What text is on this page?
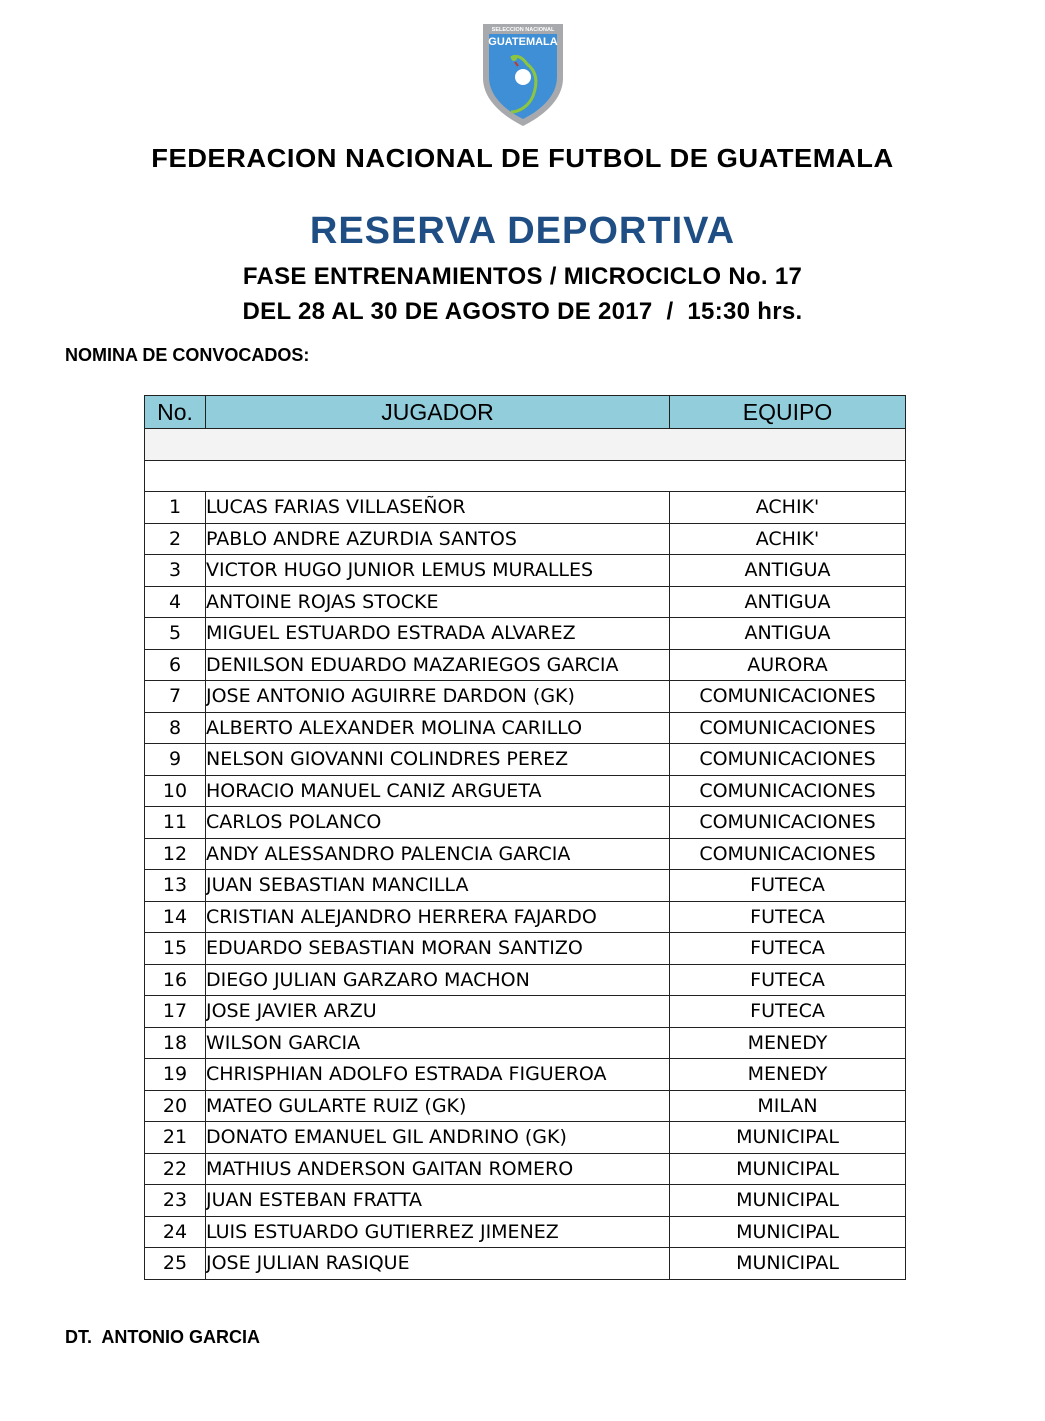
SELECCION NACIONAL
GUATEMALA
FEDERACION NACIONAL DE FUTBOL DE GUATEMALA
RESERVA DEPORTIVA
FASE ENTRENAMIENTOS / MICROCICLO No. 17
DEL 28 AL 30 DE AGOSTO DE 2017  /  15:30 hrs.
NOMINA DE CONVOCADOS:
No.	JUGADOR	EQUIPO

1	LUCAS FARIAS VILLASEÑOR	ACHIK'
2	PABLO ANDRE AZURDIA SANTOS	ACHIK'
3	VICTOR HUGO JUNIOR LEMUS MURALLES	ANTIGUA
4	ANTOINE ROJAS STOCKE	ANTIGUA
5	MIGUEL ESTUARDO ESTRADA ALVAREZ	ANTIGUA
6	DENILSON EDUARDO MAZARIEGOS GARCIA	AURORA
7	JOSE ANTONIO AGUIRRE DARDON (GK)	COMUNICACIONES
8	ALBERTO ALEXANDER MOLINA CARILLO	COMUNICACIONES
9	NELSON GIOVANNI COLINDRES PEREZ	COMUNICACIONES
10	HORACIO MANUEL CANIZ ARGUETA	COMUNICACIONES
11	CARLOS POLANCO	COMUNICACIONES
12	ANDY ALESSANDRO PALENCIA GARCIA	COMUNICACIONES
13	JUAN SEBASTIAN MANCILLA	FUTECA
14	CRISTIAN ALEJANDRO HERRERA FAJARDO	FUTECA
15	EDUARDO SEBASTIAN MORAN SANTIZO	FUTECA
16	DIEGO JULIAN GARZARO MACHON	FUTECA
17	JOSE JAVIER ARZU	FUTECA
18	WILSON GARCIA	MENEDY
19	CHRISPHIAN ADOLFO ESTRADA FIGUEROA	MENEDY
20	MATEO GULARTE RUIZ (GK)	MILAN
21	DONATO EMANUEL GIL ANDRINO (GK)	MUNICIPAL
22	MATHIUS ANDERSON GAITAN ROMERO	MUNICIPAL
23	JUAN ESTEBAN FRATTA	MUNICIPAL
24	LUIS ESTUARDO GUTIERREZ JIMENEZ	MUNICIPAL
25	JOSE JULIAN RASIQUE	MUNICIPAL
DT.  ANTONIO GARCIA
